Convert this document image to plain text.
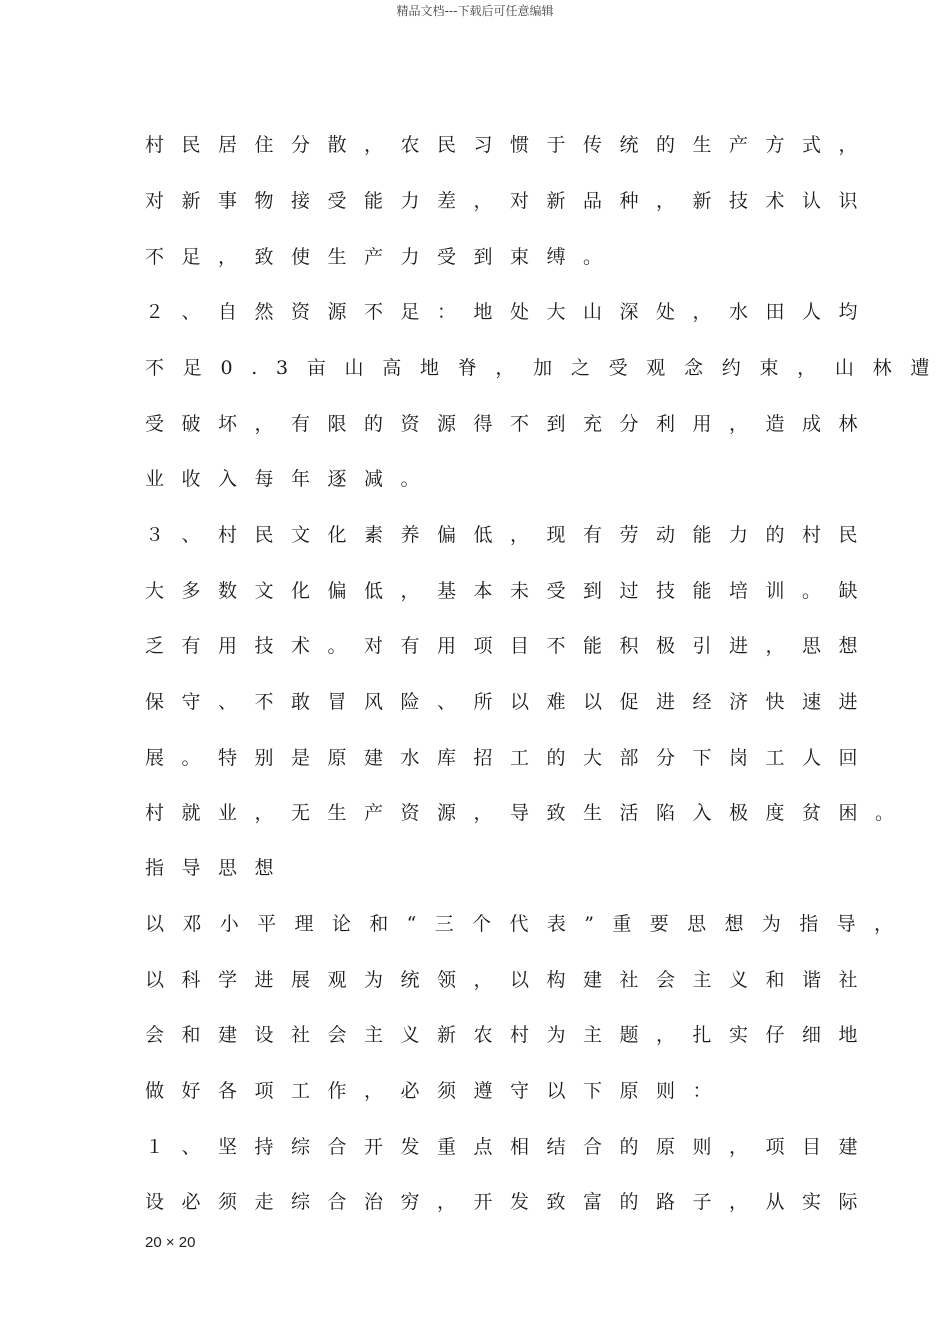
精品文档---下载后可任意编辑
村民居住分散，农民习惯于传统的生产方式，
对新事物接受能力差，对新品种，新技术认识
不足，致使生产力受到束缚。
２、自然资源不足：地处大山深处，水田人均
不足0.3亩山高地脊，加之受观念约束，山林遭
受破坏，有限的资源得不到充分利用，造成林
业收入每年逐减。
３、村民文化素养偏低，现有劳动能力的村民
大多数文化偏低，基本未受到过技能培训。缺
乏有用技术。对有用项目不能积极引进，思想
保守、不敢冒风险、所以难以促进经济快速进
展。特别是原建水库招工的大部分下岗工人回
村就业，无生产资源，导致生活陷入极度贫困。
指导思想
以邓小平理论和“三个代表”重要思想为指导，
以科学进展观为统领，以构建社会主义和谐社
会和建设社会主义新农村为主题，扎实仔细地
做好各项工作，必须遵守以下原则：
１、坚持综合开发重点相结合的原则，项目建
设必须走综合治穷，开发致富的路子，从实际
20 × 20
